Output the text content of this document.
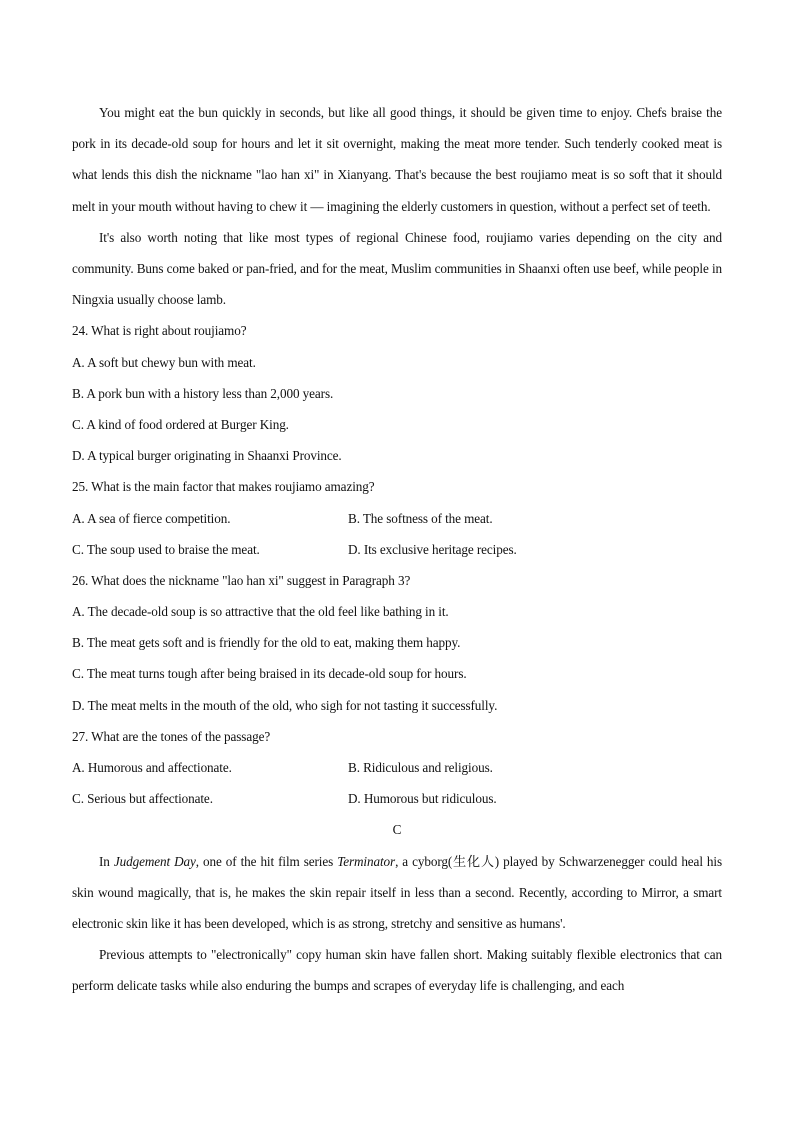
You might eat the bun quickly in seconds, but like all good things, it should be given time to enjoy. Chefs braise the pork in its decade-old soup for hours and let it sit overnight, making the meat more tender. Such tenderly cooked meat is what lends this dish the nickname "lao han xi" in Xianyang. That's because the best roujiamo meat is so soft that it should melt in your mouth without having to chew it — imagining the elderly customers in question, without a perfect set of teeth.

It's also worth noting that like most types of regional Chinese food, roujiamo varies depending on the city and community. Buns come baked or pan-fried, and for the meat, Muslim communities in Shaanxi often use beef, while people in Ningxia usually choose lamb.

24. What is right about roujiamo?
A. A soft but chewy bun with meat.
B. A pork bun with a history less than 2,000 years.
C. A kind of food ordered at Burger King.
D. A typical burger originating in Shaanxi Province.
25. What is the main factor that makes roujiamo amazing?
A. A sea of fierce competition.	B. The softness of the meat.
C. The soup used to braise the meat.	D. Its exclusive heritage recipes.
26. What does the nickname "lao han xi" suggest in Paragraph 3?
A. The decade-old soup is so attractive that the old feel like bathing in it.
B. The meat gets soft and is friendly for the old to eat, making them happy.
C. The meat turns tough after being braised in its decade-old soup for hours.
D. The meat melts in the mouth of the old, who sigh for not tasting it successfully.
27. What are the tones of the passage?
A. Humorous and affectionate.	B. Ridiculous and religious.
C. Serious but affectionate.	D. Humorous but ridiculous.
C

In Judgement Day, one of the hit film series Terminator, a cyborg(生化人) played by Schwarzenegger could heal his skin wound magically, that is, he makes the skin repair itself in less than a second. Recently, according to Mirror, a smart electronic skin like it has been developed, which is as strong, stretchy and sensitive as humans'.

Previous attempts to "electronically" copy human skin have fallen short. Making suitably flexible electronics that can perform delicate tasks while also enduring the bumps and scrapes of everyday life is challenging, and each
